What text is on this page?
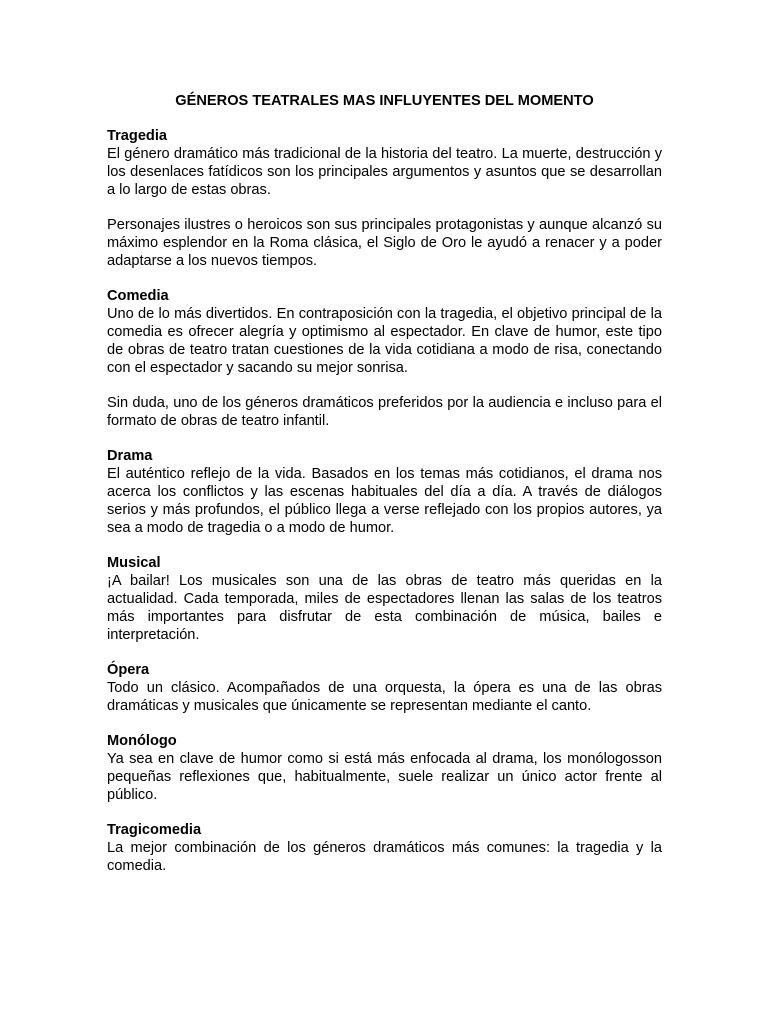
GÉNEROS TEATRALES MAS INFLUYENTES DEL MOMENTO
Tragedia

El género dramático más tradicional de la historia del teatro. La muerte, destrucción y los desenlaces fatídicos son los principales argumentos y asuntos que se desarrollan a lo largo de estas obras.

Personajes ilustres o heroicos son sus principales protagonistas y aunque alcanzó su máximo esplendor en la Roma clásica, el Siglo de Oro le ayudó a renacer y a poder adaptarse a los nuevos tiempos.

Comedia

Uno de lo más divertidos. En contraposición con la tragedia, el objetivo principal de la comedia es ofrecer alegría y optimismo al espectador. En clave de humor, este tipo de obras de teatro tratan cuestiones de la vida cotidiana a modo de risa, conectando con el espectador y sacando su mejor sonrisa.

Sin duda, uno de los géneros dramáticos preferidos por la audiencia e incluso para el formato de obras de teatro infantil.

Drama

El auténtico reflejo de la vida. Basados en los temas más cotidianos, el drama nos acerca los conflictos y las escenas habituales del día a día. A través de diálogos serios y más profundos, el público llega a verse reflejado con los propios autores, ya sea a modo de tragedia o a modo de humor.

Musical

¡A bailar! Los musicales son una de las obras de teatro más queridas en la actualidad. Cada temporada, miles de espectadores llenan las salas de los teatros más importantes para disfrutar de esta combinación de música, bailes e interpretación.

Ópera

Todo un clásico. Acompañados de una orquesta, la ópera es una de las obras dramáticas y musicales que únicamente se representan mediante el canto.

Monólogo

Ya sea en clave de humor como si está más enfocada al drama, los monólogosson pequeñas reflexiones que, habitualmente, suele realizar un único actor frente al público.

Tragicomedia

La mejor combinación de los géneros dramáticos más comunes: la tragedia y la comedia.
